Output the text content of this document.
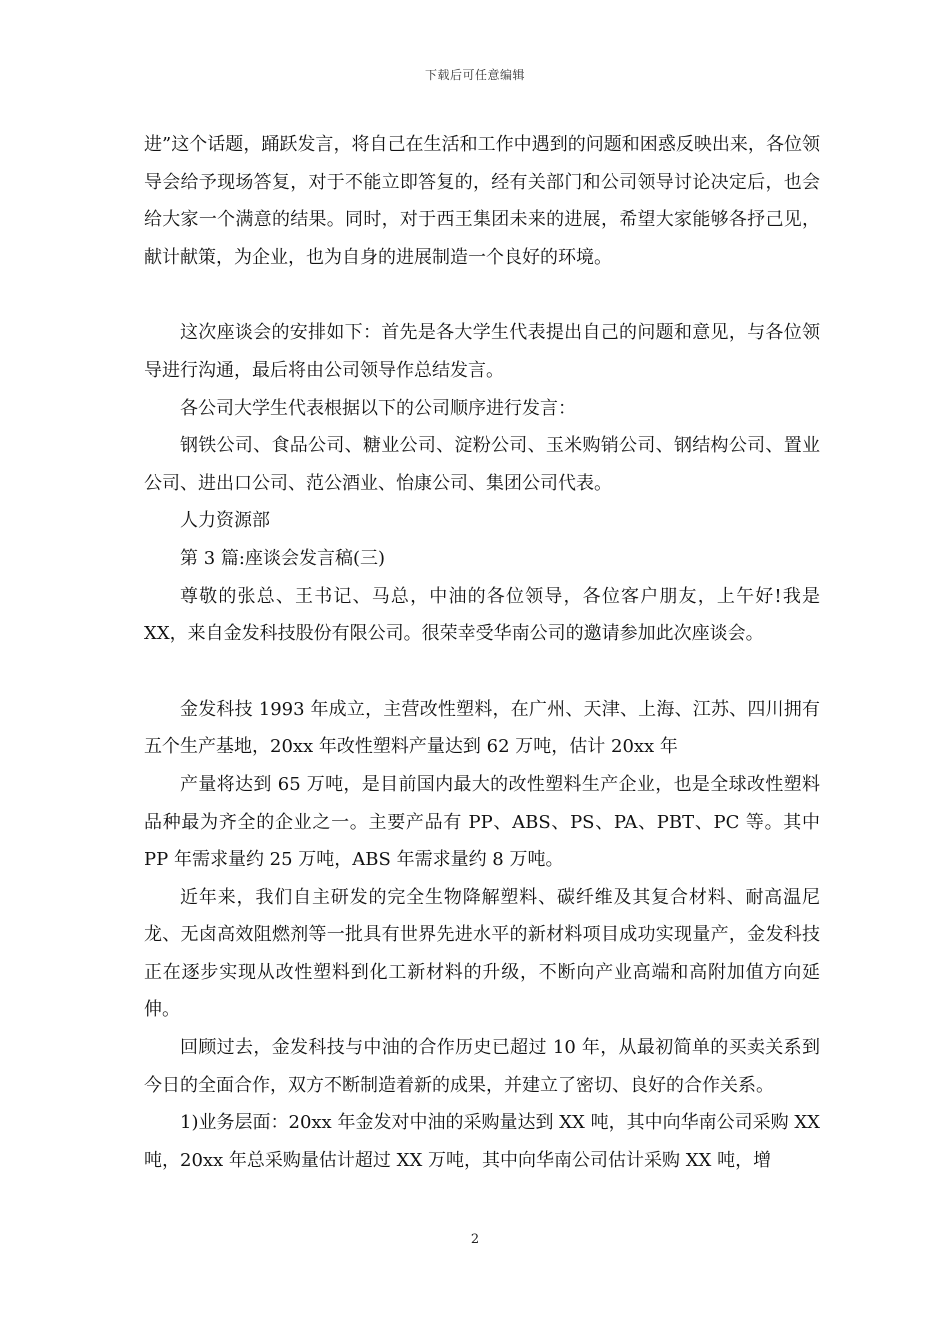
下载后可任意编辑

进”这个话题，踊跃发言，将自己在生活和工作中遇到的问题和困惑反映出来，各位领导会给予现场答复，对于不能立即答复的，经有关部门和公司领导讨论决定后，也会给大家一个满意的结果。同时，对于西王集团未来的进展，希望大家能够各抒己见，献计献策，为企业，也为自身的进展制造一个良好的环境。

这次座谈会的安排如下：首先是各大学生代表提出自己的问题和意见，与各位领导进行沟通，最后将由公司领导作总结发言。

各公司大学生代表根据以下的公司顺序进行发言：

钢铁公司、食品公司、糖业公司、淀粉公司、玉米购销公司、钢结构公司、置业公司、进出口公司、范公酒业、怡康公司、集团公司代表。

人力资源部

第 3 篇:座谈会发言稿(三)

尊敬的张总、王书记、马总，中油的各位领导，各位客户朋友，上午好!我是 XX，来自金发科技股份有限公司。很荣幸受华南公司的邀请参加此次座谈会。

金发科技 1993 年成立，主营改性塑料，在广州、天津、上海、江苏、四川拥有五个生产基地，20xx 年改性塑料产量达到 62 万吨，估计 20xx 年

产量将达到 65 万吨，是目前国内最大的改性塑料生产企业，也是全球改性塑料品种最为齐全的企业之一。主要产品有 PP、ABS、PS、PA、PBT、PC 等。其中 PP 年需求量约 25 万吨，ABS 年需求量约 8 万吨。

近年来，我们自主研发的完全生物降解塑料、碳纤维及其复合材料、耐高温尼龙、无卤高效阻燃剂等一批具有世界先进水平的新材料项目成功实现量产，金发科技正在逐步实现从改性塑料到化工新材料的升级，不断向产业高端和高附加值方向延伸。

回顾过去，金发科技与中油的合作历史已超过 10 年，从最初简单的买卖关系到今日的全面合作，双方不断制造着新的成果，并建立了密切、良好的合作关系。

1)业务层面：20xx 年金发对中油的采购量达到 XX 吨，其中向华南公司采购 XX 吨，20xx 年总采购量估计超过 XX 万吨，其中向华南公司估计采购 XX 吨，增

2
